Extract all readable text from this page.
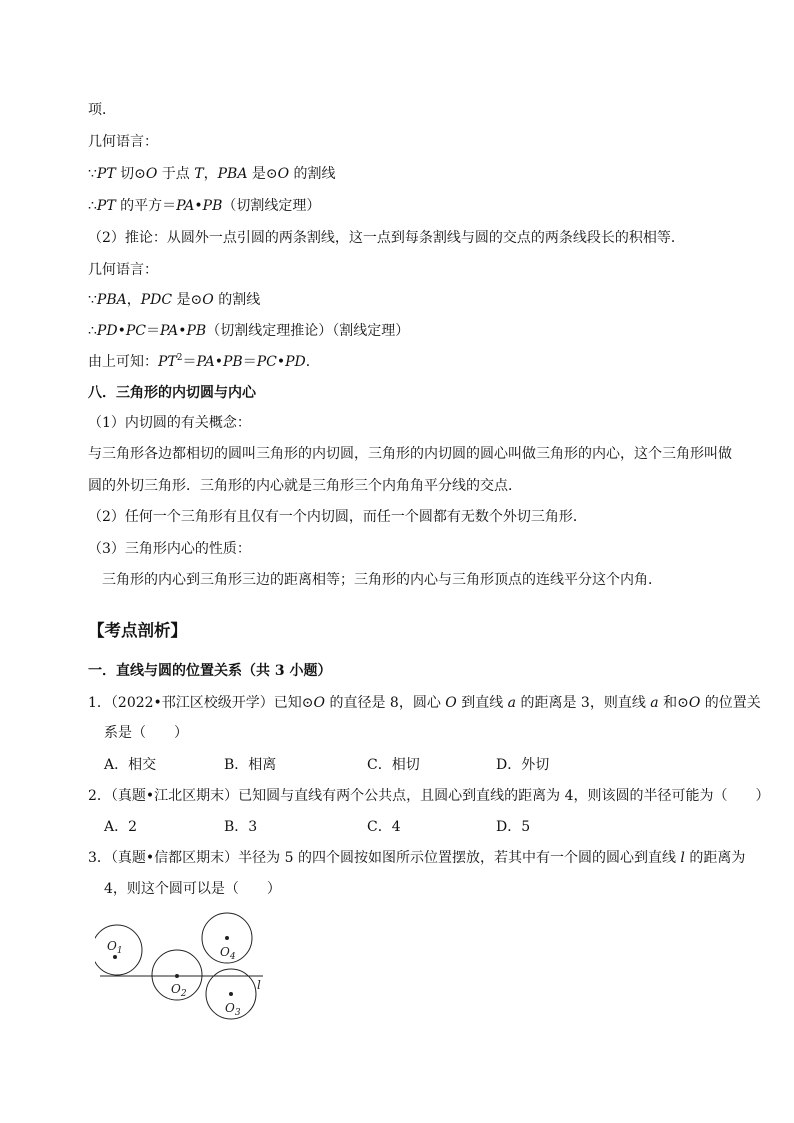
项．
几何语言：
∵PT 切⊙O 于点 T，PBA 是⊙O 的割线
∴PT 的平方＝PA•PB（切割线定理）
（2）推论：从圆外一点引圆的两条割线，这一点到每条割线与圆的交点的两条线段长的积相等．
几何语言：
∵PBA，PDC 是⊙O 的割线
∴PD•PC＝PA•PB（切割线定理推论）（割线定理）
由上可知：$PT^2=PA•PB=PC•PD$．
八．三角形的内切圆与内心
（1）内切圆的有关概念：
与三角形各边都相切的圆叫三角形的内切圆，三角形的内切圆的圆心叫做三角形的内心，这个三角形叫做
圆的外切三角形．三角形的内心就是三角形三个内角角平分线的交点．
（2）任何一个三角形有且仅有一个内切圆，而任一个圆都有无数个外切三角形．
（3）三角形内心的性质：
三角形的内心到三角形三边的距离相等；三角形的内心与三角形顶点的连线平分这个内角．
【考点剖析】
一．直线与圆的位置关系（共 3 小题）
1．（2022•邗江区校级开学）已知⊙O 的直径是 8，圆心 O 到直线 a 的距离是 3，则直线 a 和⊙O 的位置关
系是（　　）
A．相交	B．相离	C．相切	D．外切
2．（真题•江北区期末）已知圆与直线有两个公共点，且圆心到直线的距离为 4，则该圆的半径可能为（　　）
A．2	B．3	C．4	D．5
3．（真题•信都区期末）半径为 5 的四个圆按如图所示位置摆放，若其中有一个圆的圆心到直线 l 的距离为
4，则这个圆可以是（　　）
l
$O_1$
$O_2$
$O_3$
$O_4$
